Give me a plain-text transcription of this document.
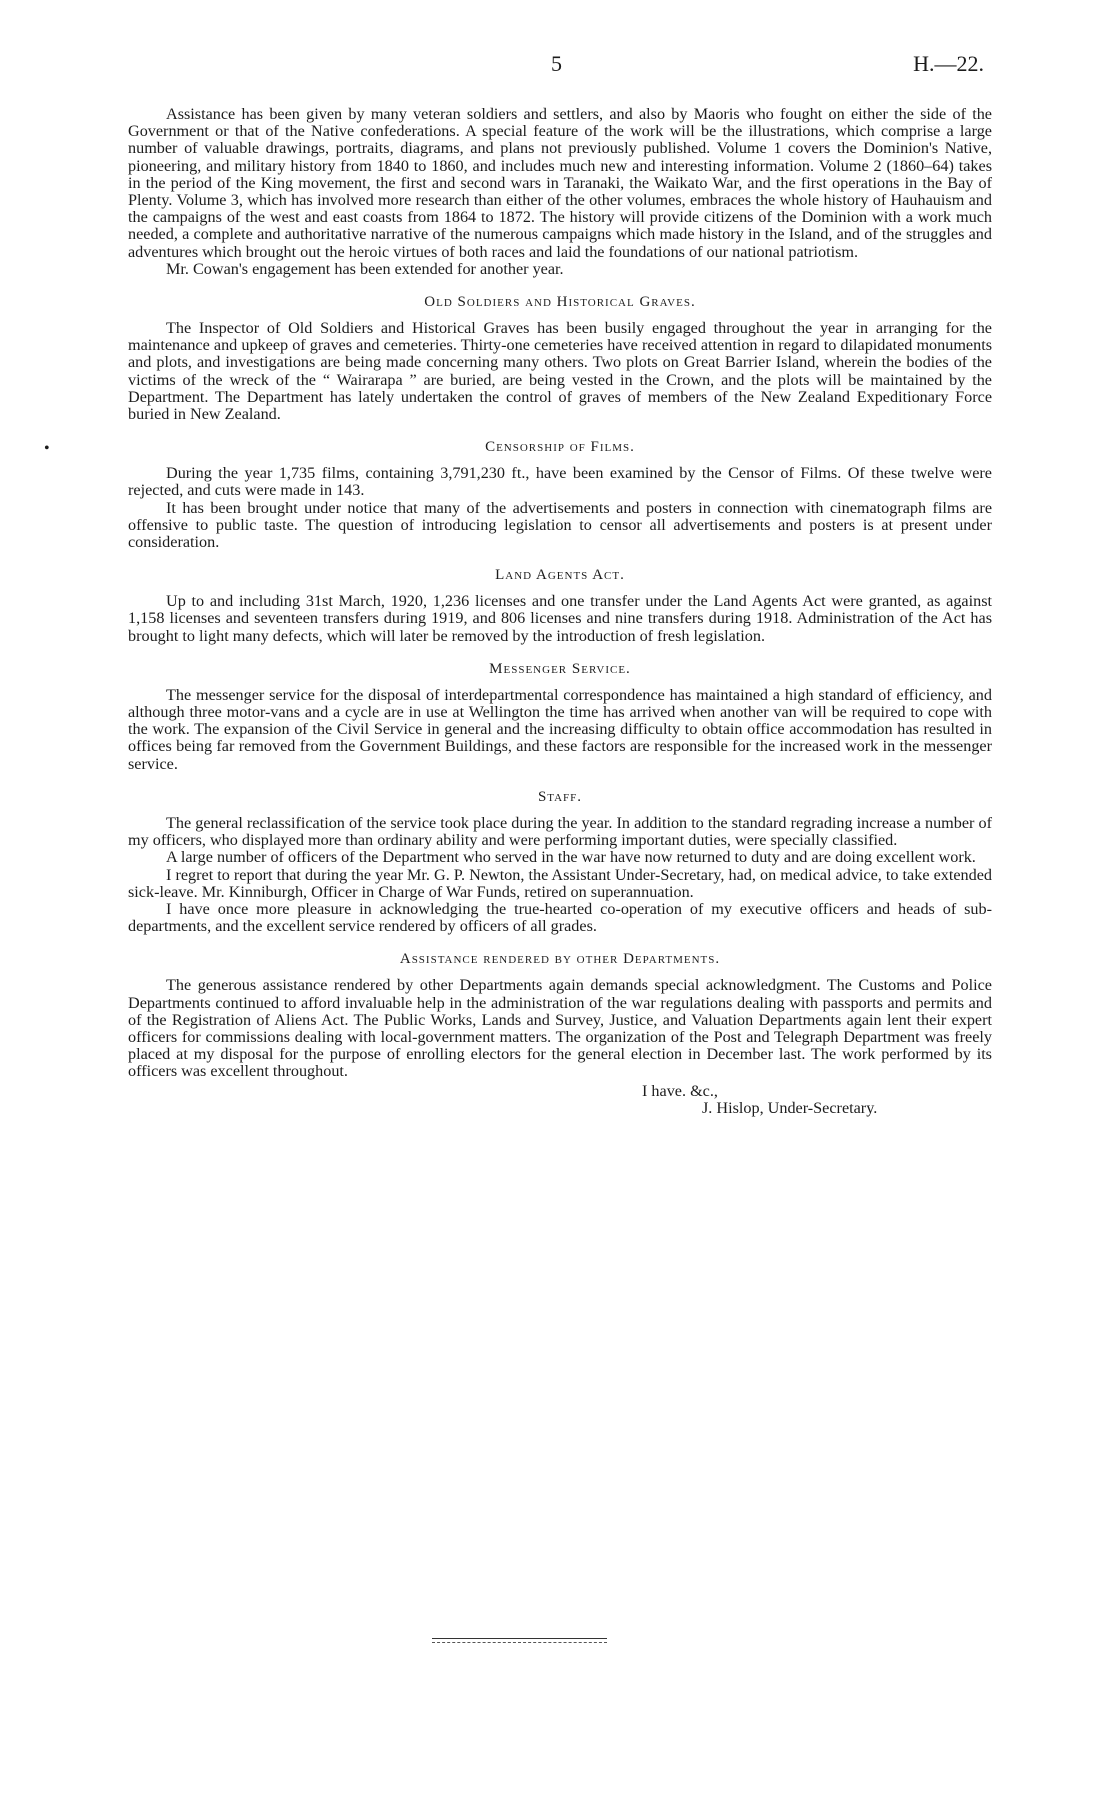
5	H.—22.
•

Assistance has been given by many veteran soldiers and settlers, and also by Maoris who fought on either the side of the Government or that of the Native confederations. A special feature of the work will be the illustrations, which comprise a large number of valuable drawings, portraits, diagrams, and plans not previously published. Volume 1 covers the Dominion's Native, pioneering, and military history from 1840 to 1860, and includes much new and interesting information. Volume 2 (1860–64) takes in the period of the King movement, the first and second wars in Taranaki, the Waikato War, and the first operations in the Bay of Plenty. Volume 3, which has involved more research than either of the other volumes, embraces the whole history of Hauhauism and the campaigns of the west and east coasts from 1864 to 1872. The history will provide citizens of the Dominion with a work much needed, a complete and authoritative narrative of the numerous campaigns which made history in the Island, and of the struggles and adventures which brought out the heroic virtues of both races and laid the foundations of our national patriotism.

Mr. Cowan's engagement has been extended for another year.

Old Soldiers and Historical Graves.

The Inspector of Old Soldiers and Historical Graves has been busily engaged throughout the year in arranging for the maintenance and upkeep of graves and cemeteries. Thirty-one cemeteries have received attention in regard to dilapidated monuments and plots, and investigations are being made concerning many others. Two plots on Great Barrier Island, wherein the bodies of the victims of the wreck of the “ Wairarapa ” are buried, are being vested in the Crown, and the plots will be maintained by the Department. The Department has lately undertaken the control of graves of members of the New Zealand Expeditionary Force buried in New Zealand.

Censorship of Films.

During the year 1,735 films, containing 3,791,230 ft., have been examined by the Censor of Films. Of these twelve were rejected, and cuts were made in 143.

It has been brought under notice that many of the advertisements and posters in connection with cinematograph films are offensive to public taste. The question of introducing legislation to censor all advertisements and posters is at present under consideration.

Land Agents Act.

Up to and including 31st March, 1920, 1,236 licenses and one transfer under the Land Agents Act were granted, as against 1,158 licenses and seventeen transfers during 1919, and 806 licenses and nine transfers during 1918. Administration of the Act has brought to light many defects, which will later be removed by the introduction of fresh legislation.

Messenger Service.

The messenger service for the disposal of interdepartmental correspondence has maintained a high standard of efficiency, and although three motor-vans and a cycle are in use at Wellington the time has arrived when another van will be required to cope with the work. The expansion of the Civil Service in general and the increasing difficulty to obtain office accommodation has resulted in offices being far removed from the Government Buildings, and these factors are responsible for the increased work in the messenger service.

Staff.

The general reclassification of the service took place during the year. In addition to the standard regrading increase a number of my officers, who displayed more than ordinary ability and were performing important duties, were specially classified.

A large number of officers of the Department who served in the war have now returned to duty and are doing excellent work.

I regret to report that during the year Mr. G. P. Newton, the Assistant Under-Secretary, had, on medical advice, to take extended sick-leave. Mr. Kinniburgh, Officer in Charge of War Funds, retired on superannuation.

I have once more pleasure in acknowledging the true-hearted co-operation of my executive officers and heads of sub-departments, and the excellent service rendered by officers of all grades.

Assistance rendered by other Departments.

The generous assistance rendered by other Departments again demands special acknowledgment. The Customs and Police Departments continued to afford invaluable help in the administration of the war regulations dealing with passports and permits and of the Registration of Aliens Act. The Public Works, Lands and Survey, Justice, and Valuation Departments again lent their expert officers for commissions dealing with local-government matters. The organization of the Post and Telegraph Department was freely placed at my disposal for the purpose of enrolling electors for the general election in December last. The work performed by its officers was excellent throughout.

I have. &c.,
J. Hislop, Under-Secretary.
